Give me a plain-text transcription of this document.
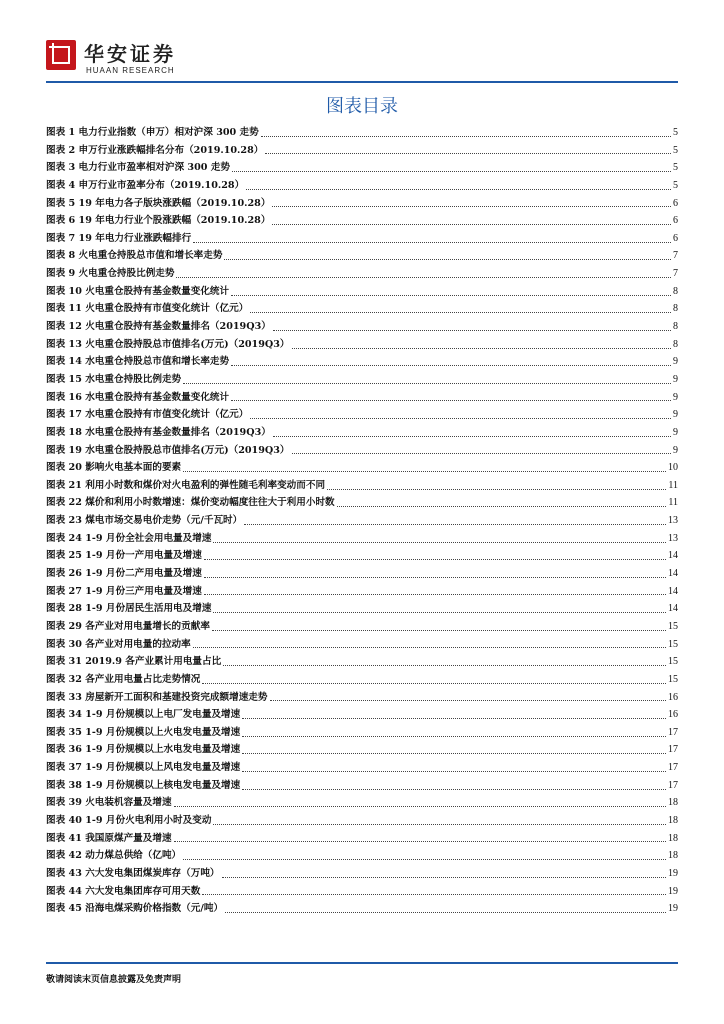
华安证券
HUAAN RESEARCH
图表目录
图表 1 电力行业指数（申万）相对沪深 300 走势	5
图表 2 申万行业涨跌幅排名分布（2019.10.28）	5
图表 3 电力行业市盈率相对沪深 300 走势	5
图表 4 申万行业市盈率分布（2019.10.28）	5
图表 5 19 年电力各子版块涨跌幅（2019.10.28）	6
图表 6 19 年电力行业个股涨跌幅（2019.10.28）	6
图表 7 19 年电力行业涨跌幅排行	6
图表 8 火电重仓持股总市值和增长率走势	7
图表 9 火电重仓持股比例走势	7
图表 10 火电重仓股持有基金数量变化统计	8
图表 11 火电重仓股持有市值变化统计（亿元）	8
图表 12 火电重仓股持有基金数量排名（2019Q3）	8
图表 13 火电重仓股持股总市值排名(万元)（2019Q3）	8
图表 14 水电重仓持股总市值和增长率走势	9
图表 15 水电重仓持股比例走势	9
图表 16 水电重仓股持有基金数量变化统计	9
图表 17 水电重仓股持有市值变化统计（亿元）	9
图表 18 水电重仓股持有基金数量排名（2019Q3）	9
图表 19 水电重仓股持股总市值排名(万元)（2019Q3）	9
图表 20 影响火电基本面的要素	10
图表 21 利用小时数和煤价对火电盈利的弹性随毛利率变动而不同	11
图表 22 煤价和利用小时数增速：煤价变动幅度往往大于利用小时数	11
图表 23 煤电市场交易电价走势（元/千瓦时）	13
图表 24 1-9 月份全社会用电量及增速	13
图表 25 1-9 月份一产用电量及增速	14
图表 26 1-9 月份二产用电量及增速	14
图表 27 1-9 月份三产用电量及增速	14
图表 28 1-9 月份居民生活用电及增速	14
图表 29 各产业对用电量增长的贡献率	15
图表 30 各产业对用电量的拉动率	15
图表 31 2019.9 各产业累计用电量占比	15
图表 32 各产业用电量占比走势情况	15
图表 33 房屋新开工面积和基建投资完成额增速走势	16
图表 34 1-9 月份规模以上电厂发电量及增速	16
图表 35 1-9 月份规模以上火电发电量及增速	17
图表 36 1-9 月份规模以上水电发电量及增速	17
图表 37 1-9 月份规模以上风电发电量及增速	17
图表 38 1-9 月份规模以上核电发电量及增速	17
图表 39 火电装机容量及增速	18
图表 40 1-9 月份火电利用小时及变动	18
图表 41 我国原煤产量及增速	18
图表 42 动力煤总供给（亿吨）	18
图表 43 六大发电集团煤炭库存（万吨）	19
图表 44 六大发电集团库存可用天数	19
图表 45 沿海电煤采购价格指数（元/吨）	19
敬请阅读末页信息披露及免责声明
